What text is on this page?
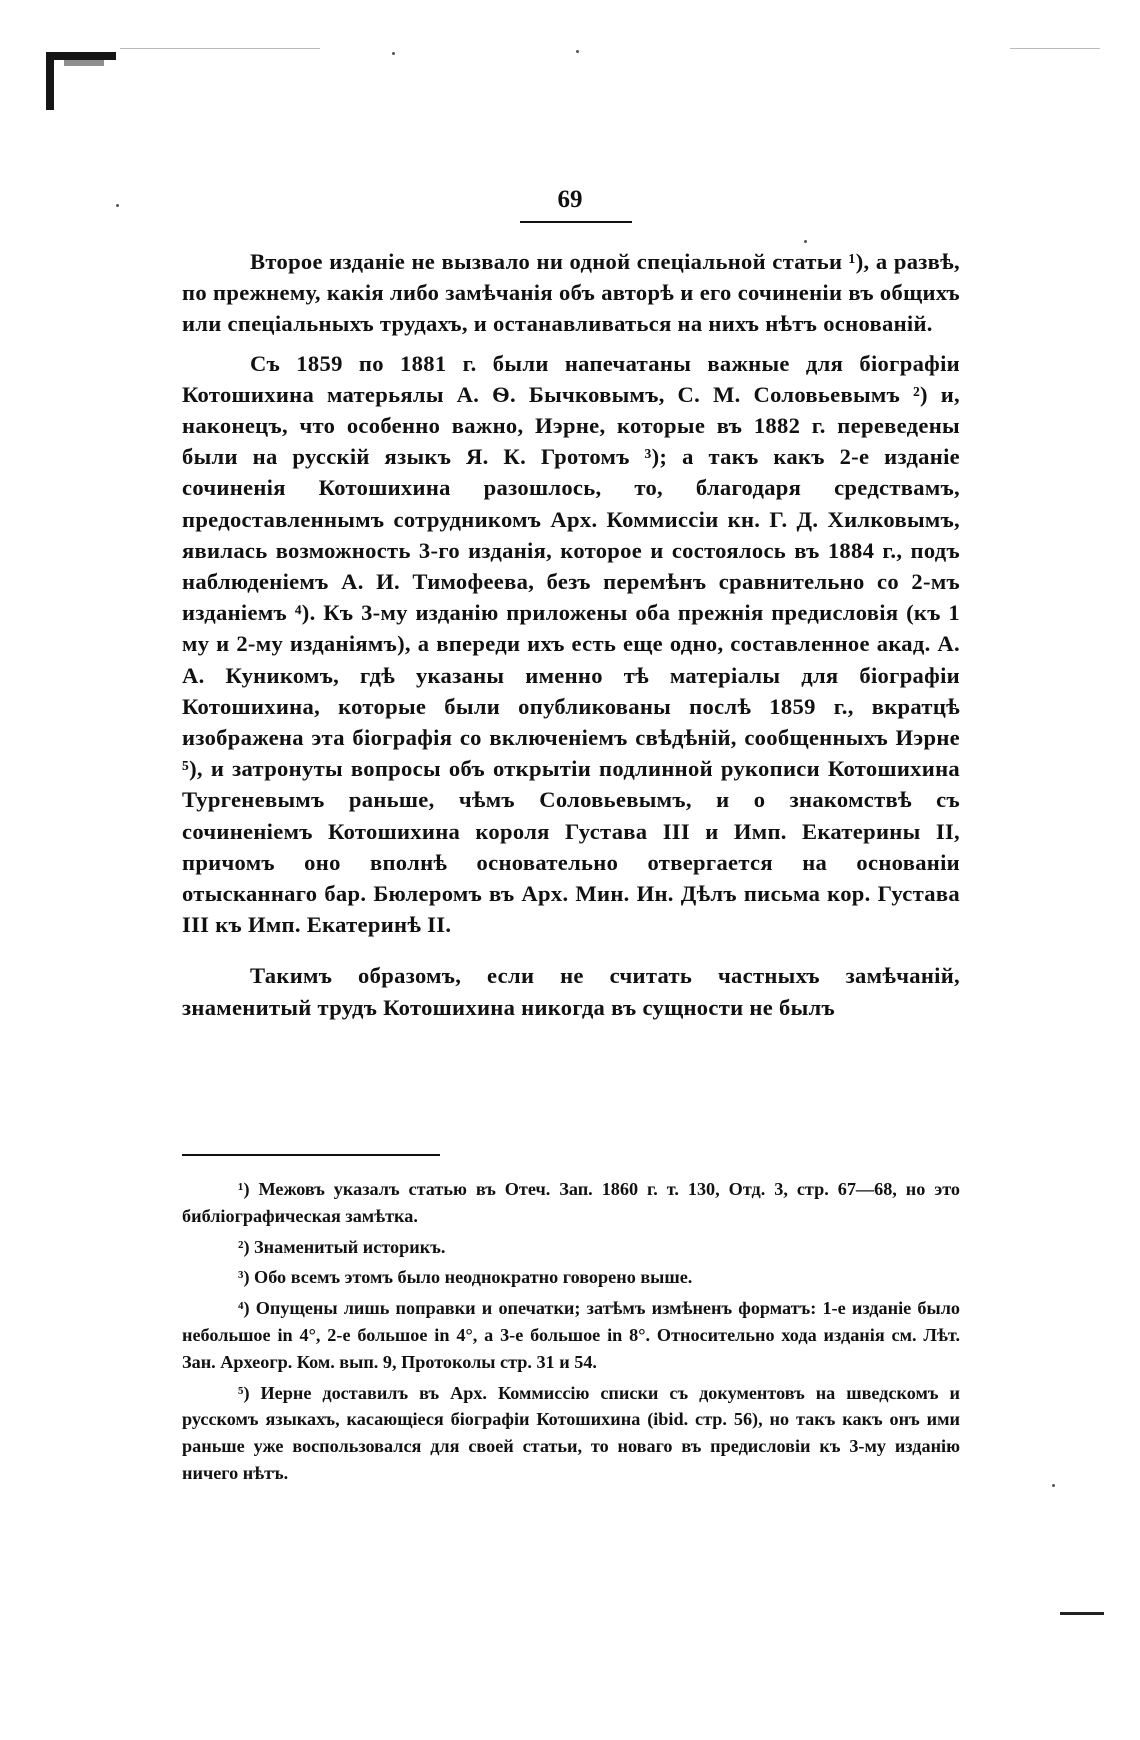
69

Второе изданіе не вызвало ни одной спеціальной статьи ¹), а развѣ, по прежнему, какія либо замѣчанія объ авторѣ и его сочиненіи въ общихъ или спеціальныхъ трудахъ, и останавливаться на нихъ нѣтъ основаній.

Съ 1859 по 1881 г. были напечатаны важные для біографіи Котошихина матерьялы А. Ѳ. Бычковымъ, С. М. Соловьевымъ ²) и, наконецъ, что особенно важно, Иэрне, которые въ 1882 г. переведены были на русскій языкъ Я. К. Гротомъ ³); а такъ какъ 2-е изданіе сочиненія Котошихина разошлось, то, благодаря средствамъ, предоставленнымъ сотрудникомъ Арх. Коммиссіи кн. Г. Д. Хилковымъ, явилась возможность 3-го изданія, которое и состоялось въ 1884 г., подъ наблюденіемъ А. И. Тимофеева, безъ перемѣнъ сравнительно со 2-мъ изданіемъ ⁴). Къ 3-му изданію приложены оба прежнія предисловія (къ 1 му и 2-му изданіямъ), а впереди ихъ есть еще одно, составленное акад. А. А. Куникомъ, гдѣ указаны именно тѣ матеріалы для біографіи Котошихина, которые были опубликованы послѣ 1859 г., вкратцѣ изображена эта біографія со включеніемъ свѣдѣній, сообщенныхъ Иэрне ⁵), и затронуты вопросы объ открытіи подлинной рукописи Котошихина Тургеневымъ раньше, чѣмъ Соловьевымъ, и о знакомствѣ съ сочиненіемъ Котошихина короля Густава III и Имп. Екатерины II, причомъ оно вполнѣ основательно отвергается на основаніи отысканнаго бар. Бюлеромъ въ Арх. Мин. Ин. Дѣлъ письма кор. Густава III къ Имп. Екатеринѣ II.

Такимъ образомъ, если не считать частныхъ замѣчаній, знаменитый трудъ Котошихина никогда въ сущности не былъ

¹) Межовъ указалъ статью въ Отеч. Зап. 1860 г. т. 130, Отд. 3, стр. 67—68, но это библіографическая замѣтка.

²) Знаменитый историкъ.

³) Обо всемъ этомъ было неоднократно говорено выше.

⁴) Опущены лишь поправки и опечатки; затѣмъ измѣненъ форматъ: 1-е изданіе было небольшое in 4°, 2-е большое in 4°, а 3-е большое in 8°. Относительно хода изданія см. Лѣт. Зан. Археогр. Ком. вып. 9, Протоколы стр. 31 и 54.

⁵) Иерне доставилъ въ Арх. Коммиссію списки съ документовъ на шведскомъ и русскомъ языкахъ, касающіеся біографіи Котошихина (ibid. стр. 56), но такъ какъ онъ ими раньше уже воспользовался для своей статьи, то новаго въ предисловіи къ 3-му изданію ничего нѣтъ.
